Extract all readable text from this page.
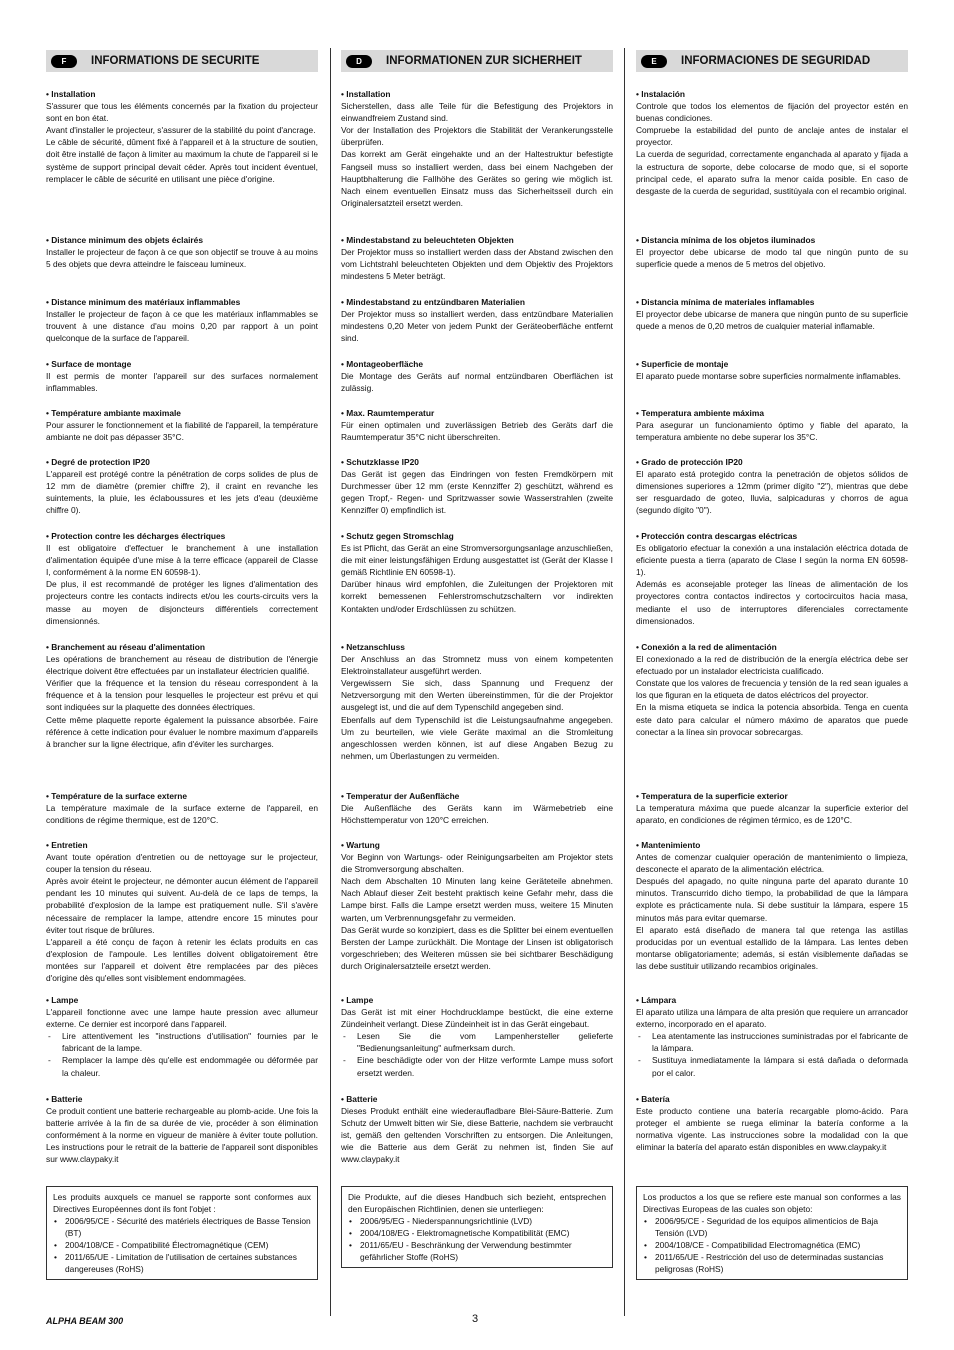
F	INFORMATIONS DE SECURITE
• Installation

S'assurer que tous les éléments concernés par la fixation du projecteur sont en bon état.

Avant d'installer le projecteur, s'assurer de la stabilité du point d'ancrage.

Le câble de sécurité, dûment fixé à l'appareil et à la structure de soutien, doit être installé de façon à limiter au maximum la chute de l'appareil si le système de support principal devait céder. Après tout incident éventuel, remplacer le câble de sécurité en utilisant une pièce d'origine.

• Distance minimum des objets éclairés

Installer le projecteur de façon à ce que son objectif se trouve à au moins 5 des objets que devra atteindre le faisceau lumineux.

• Distance minimum des matériaux inflammables

Installer le projecteur de façon à ce que les matériaux inflammables se trouvent à une distance d'au moins 0,20 par rapport à un point quelconque de la surface de l'appareil.

• Surface de montage

Il est permis de monter l'appareil sur des surfaces normalement inflammables.

• Température ambiante maximale

Pour assurer le fonctionnement et la fiabilité de l'appareil, la température ambiante ne doit pas dépasser 35°C.

• Degré de protection IP20

L'appareil est protégé contre la pénétration de corps solides de plus de 12 mm de diamètre (premier chiffre 2), il craint en revanche les suintements, la pluie, les éclaboussures et les jets d'eau (deuxième chiffre 0).

• Protection contre les décharges électriques

Il est obligatoire d'effectuer le branchement à une installation d'alimentation équipée d'une mise à la terre efficace (appareil de Classe I, conformément à la norme EN 60598-1).

De plus, il est recommandé de protéger les lignes d'alimentation des projecteurs contre les contacts indirects et/ou les courts-circuits vers la masse au moyen de disjoncteurs différentiels correctement dimensionnés.

• Branchement au réseau d'alimentation

Les opérations de branchement au réseau de distribution de l'énergie électrique doivent être effectuées par un installateur électricien qualifié.

Vérifier que la fréquence et la tension du réseau correspondent à la fréquence et à la tension pour lesquelles le projecteur est prévu et qui sont indiquées sur la plaquette des données électriques.

Cette même plaquette reporte également la puissance absorbée. Faire référence à cette indication pour évaluer le nombre maximum d'appareils à brancher sur la ligne électrique, afin d'éviter les surcharges.

• Température de la surface externe

La température maximale de la surface externe de l'appareil, en conditions de régime thermique, est de 120°C.

• Entretien

Avant toute opération d'entretien ou de nettoyage sur le projecteur, couper la tension du réseau.

Après avoir éteint le projecteur, ne démonter aucun élément de l'appareil pendant les 10 minutes qui suivent. Au-delà de ce laps de temps, la probabilité d'explosion de la lampe est pratiquement nulle. S'il s'avère nécessaire de remplacer la lampe, attendre encore 15 minutes pour éviter tout risque de brûlures.

L'appareil a été conçu de façon à retenir les éclats produits en cas d'explosion de l'ampoule. Les lentilles doivent obligatoirement être montées sur l'appareil et doivent être remplacées par des pièces d'origine dès qu'elles sont visiblement endommagées.

• Lampe

L'appareil fonctionne avec une lampe haute pression avec allumeur externe. Ce dernier est incorporé dans l'appareil.

- Lire attentivement les "instructions d'utilisation" fournies par le fabricant de la lampe.
- Remplacer la lampe dès qu'elle est endommagée ou déformée par la chaleur.
• Batterie

Ce produit contient une batterie rechargeable au plomb-acide. Une fois la batterie arrivée à la fin de sa durée de vie, procéder à son élimination conformément à la norme en vigueur de manière à éviter toute pollution. Les instructions pour le retrait de la batterie de l'appareil sont disponibles sur www.claypaky.it

Les produits auxquels ce manuel se rapporte sont conformes aux Directives Européennes dont ils font l'objet :

• 2006/95/CE - Sécurité des matériels électriques de Basse Tension (BT)
• 2004/108/CE - Compatibilité Électromagnétique (CEM)
• 2011/65/UE - Limitation de l'utilisation de certaines substances dangereuses (RoHS)
D	INFORMATIONEN ZUR SICHERHEIT
• Installation

Sicherstellen, dass alle Teile für die Befestigung des Projektors in einwandfreiem Zustand sind.

Vor der Installation des Projektors die Stabilität der Verankerungsstelle überprüfen.

Das korrekt am Gerät eingehakte und an der Haltestruktur befestigte Fangseil muss so installiert werden, dass bei einem Nachgeben der Hauptbhalterung die Fallhöhe des Gerätes so gering wie möglich ist. Nach einem eventuellen Einsatz muss das Sicherheitsseil durch ein Originalersatzteil ersetzt werden.

• Mindestabstand zu beleuchteten Objekten

Der Projektor muss so installiert werden dass der Abstand zwischen den vom Lichtstrahl beleuchteten Objekten und dem Objektiv des Projektors mindestens 5 Meter beträgt.

• Mindestabstand zu entzündbaren Materialien

Der Projektor muss so installiert werden, dass entzündbare Materialien mindestens 0,20 Meter von jedem Punkt der Geräteoberfläche entfernt sind.

• Montageoberfläche

Die Montage des Geräts auf normal entzündbaren Oberflächen ist zulässig.

• Max. Raumtemperatur

Für einen optimalen und zuverlässigen Betrieb des Geräts darf die Raumtemperatur 35°C nicht überschreiten.

• Schutzklasse IP20

Das Gerät ist gegen das Eindringen von festen Fremdkörpern mit Durchmesser über 12 mm (erste Kennziffer 2) geschützt, während es gegen Tropf,- Regen- und Spritzwasser sowie Wasserstrahlen (zweite Kennziffer 0) empfindlich ist.

• Schutz gegen Stromschlag

Es ist Pflicht, das Gerät an eine Stromversorgungsanlage anzuschließen, die mit einer leistungsfähigen Erdung ausgestattet ist (Gerät der Klasse I gemäß Richtlinie EN 60598-1).

Darüber hinaus wird empfohlen, die Zuleitungen der Projektoren mit korrekt bemessenen Fehlerstromschutzschaltern vor indirekten Kontakten und/oder Erdschlüssen zu schützen.

• Netzanschluss

Der Anschluss an das Stromnetz muss von einem kompetenten Elektroinstallateur ausgeführt werden.

Vergewissern Sie sich, dass Spannung und Frequenz der Netzversorgung mit den Werten übereinstimmen, für die der Projektor ausgelegt ist, und die auf dem Typenschild angegeben sind.

Ebenfalls auf dem Typenschild ist die Leistungsaufnahme angegeben. Um zu beurteilen, wie viele Geräte maximal an die Stromleitung angeschlossen werden können, ist auf diese Angaben Bezug zu nehmen, um Überlastungen zu vermeiden.

• Temperatur der Außenfläche

Die Außenfläche des Geräts kann im Wärmebetrieb eine Höchsttemperatur von 120°C erreichen.

• Wartung

Vor Beginn von Wartungs- oder Reinigungsarbeiten am Projektor stets die Stromversorgung abschalten.

Nach dem Abschalten 10 Minuten lang keine Geräteteile abnehmen. Nach Ablauf dieser Zeit besteht praktisch keine Gefahr mehr, dass die Lampe birst. Falls die Lampe ersetzt werden muss, weitere 15 Minuten warten, um Verbrennungsgefahr zu vermeiden.

Das Gerät wurde so konzipiert, dass es die Splitter bei einem eventuellen Bersten der Lampe zurückhält. Die Montage der Linsen ist obligatorisch vorgeschrieben; des Weiteren müssen sie bei sichtbarer Beschädigung durch Originalersatzteile ersetzt werden.

• Lampe

Das Gerät ist mit einer Hochdrucklampe bestückt, die eine externe Zündeinheit verlangt. Diese Zündeinheit ist in das Gerät eingebaut.

- Lesen Sie die vom Lampenhersteller gelieferte "Bedienungsanleitung" aufmerksam durch.
- Eine beschädigte oder von der Hitze verformte Lampe muss sofort ersetzt werden.
• Batterie

Dieses Produkt enthält eine wiederaufladbare Blei-Säure-Batterie. Zum Schutz der Umwelt bitten wir Sie, diese Batterie, nachdem sie verbraucht ist, gemäß den geltenden Vorschriften zu entsorgen. Die Anleitungen, wie die Batterie aus dem Gerät zu nehmen ist, finden Sie auf www.claypaky.it

Die Produkte, auf die dieses Handbuch sich bezieht, entsprechen den Europäischen Richtlinien, denen sie unterliegen:

• 2006/95/EG - Niederspannungsrichtlinie (LVD)
• 2004/108/EG - Elektromagnetische Kompatibilität (EMC)
• 2011/65/EU - Beschränkung der Verwendung bestimmter gefährlicher Stoffe (RoHS)
E	INFORMACIONES DE SEGURIDAD
• Instalación

Controle que todos los elementos de fijación del proyector estén en buenas condiciones.

Compruebe la estabilidad del punto de anclaje antes de instalar el proyector.

La cuerda de seguridad, correctamente enganchada al aparato y fijada a la estructura de soporte, debe colocarse de modo que, si el soporte principal cede, el aparato sufra la menor caída posible. En caso de desgaste de la cuerda de seguridad, sustitúyala con el recambio original.

• Distancia mínima de los objetos iluminados

El proyector debe ubicarse de modo tal que ningún punto de su superficie quede a menos de 5 metros del objetivo.

• Distancia mínima de materiales inflamables

El proyector debe ubicarse de manera que ningún punto de su superficie quede a menos de 0,20 metros de cualquier material inflamable.

• Superficie de montaje

El aparato puede montarse sobre superficies normalmente inflamables.

• Temperatura ambiente máxima

Para asegurar un funcionamiento óptimo y fiable del aparato, la temperatura ambiente no debe superar los 35°C.

• Grado de protección IP20

El aparato está protegido contra la penetración de objetos sólidos de dimensiones superiores a 12mm (primer dígito "2"), mientras que debe ser resguardado de goteo, lluvia, salpicaduras y chorros de agua (segundo dígito "0").

• Protección contra descargas eléctricas

Es obligatorio efectuar la conexión a una instalación eléctrica dotada de eficiente puesta a tierra (aparato de Clase I según la norma EN 60598-1).

Además es aconsejable proteger las líneas de alimentación de los proyectores contra contactos indirectos y cortocircuitos hacia masa, mediante el uso de interruptores diferenciales correctamente dimensionados.

• Conexión a la red de alimentación

El conexionado a la red de distribución de la energía eléctrica debe ser efectuado por un instalador electricista cualificado.

Constate que los valores de frecuencia y tensión de la red sean iguales a los que figuran en la etiqueta de datos eléctricos del proyector.

En la misma etiqueta se indica la potencia absorbida. Tenga en cuenta este dato para calcular el número máximo de aparatos que puede conectar a la línea sin provocar sobrecargas.

• Temperatura de la superficie exterior

La temperatura máxima que puede alcanzar la superficie exterior del aparato, en condiciones de régimen térmico, es de 120°C.

• Mantenimiento

Antes de comenzar cualquier operación de mantenimiento o limpieza, desconecte el aparato de la alimentación eléctrica.

Después del apagado, no quite ninguna parte del aparato durante 10 minutos. Transcurrido dicho tiempo, la probabilidad de que la lámpara explote es prácticamente nula. Si debe sustituir la lámpara, espere 15 minutos más para evitar quemarse.

El aparato está diseñado de manera tal que retenga las astillas producidas por un eventual estallido de la lámpara. Las lentes deben montarse obligatoriamente; además, si están visiblemente dañadas se las debe sustituir utilizando recambios originales.

• Lámpara

El aparato utiliza una lámpara de alta presión que requiere un arrancador externo, incorporado en el aparato.

- Lea atentamente las instrucciones suministradas por el fabricante de la lámpara.
- Sustituya inmediatamente la lámpara si está dañada o deformada por el calor.
• Batería

Este producto contiene una batería recargable plomo-ácido. Para proteger el ambiente se ruega eliminar la batería conforme a la normativa vigente. Las instrucciones sobre la modalidad con la que eliminar la batería del aparato están disponibles en www.claypaky.it

Los productos a los que se refiere este manual son conformes a las Directivas Europeas de las cuales son objeto:

• 2006/95/CE - Seguridad de los equipos alimenticios de Baja Tensión (LVD)
• 2004/108/CE - Compatibilidad Electromagnética (EMC)
• 2011/65/UE - Restricción del uso de determinadas sustancias peligrosas (RoHS)
ALPHA BEAM 300	3
